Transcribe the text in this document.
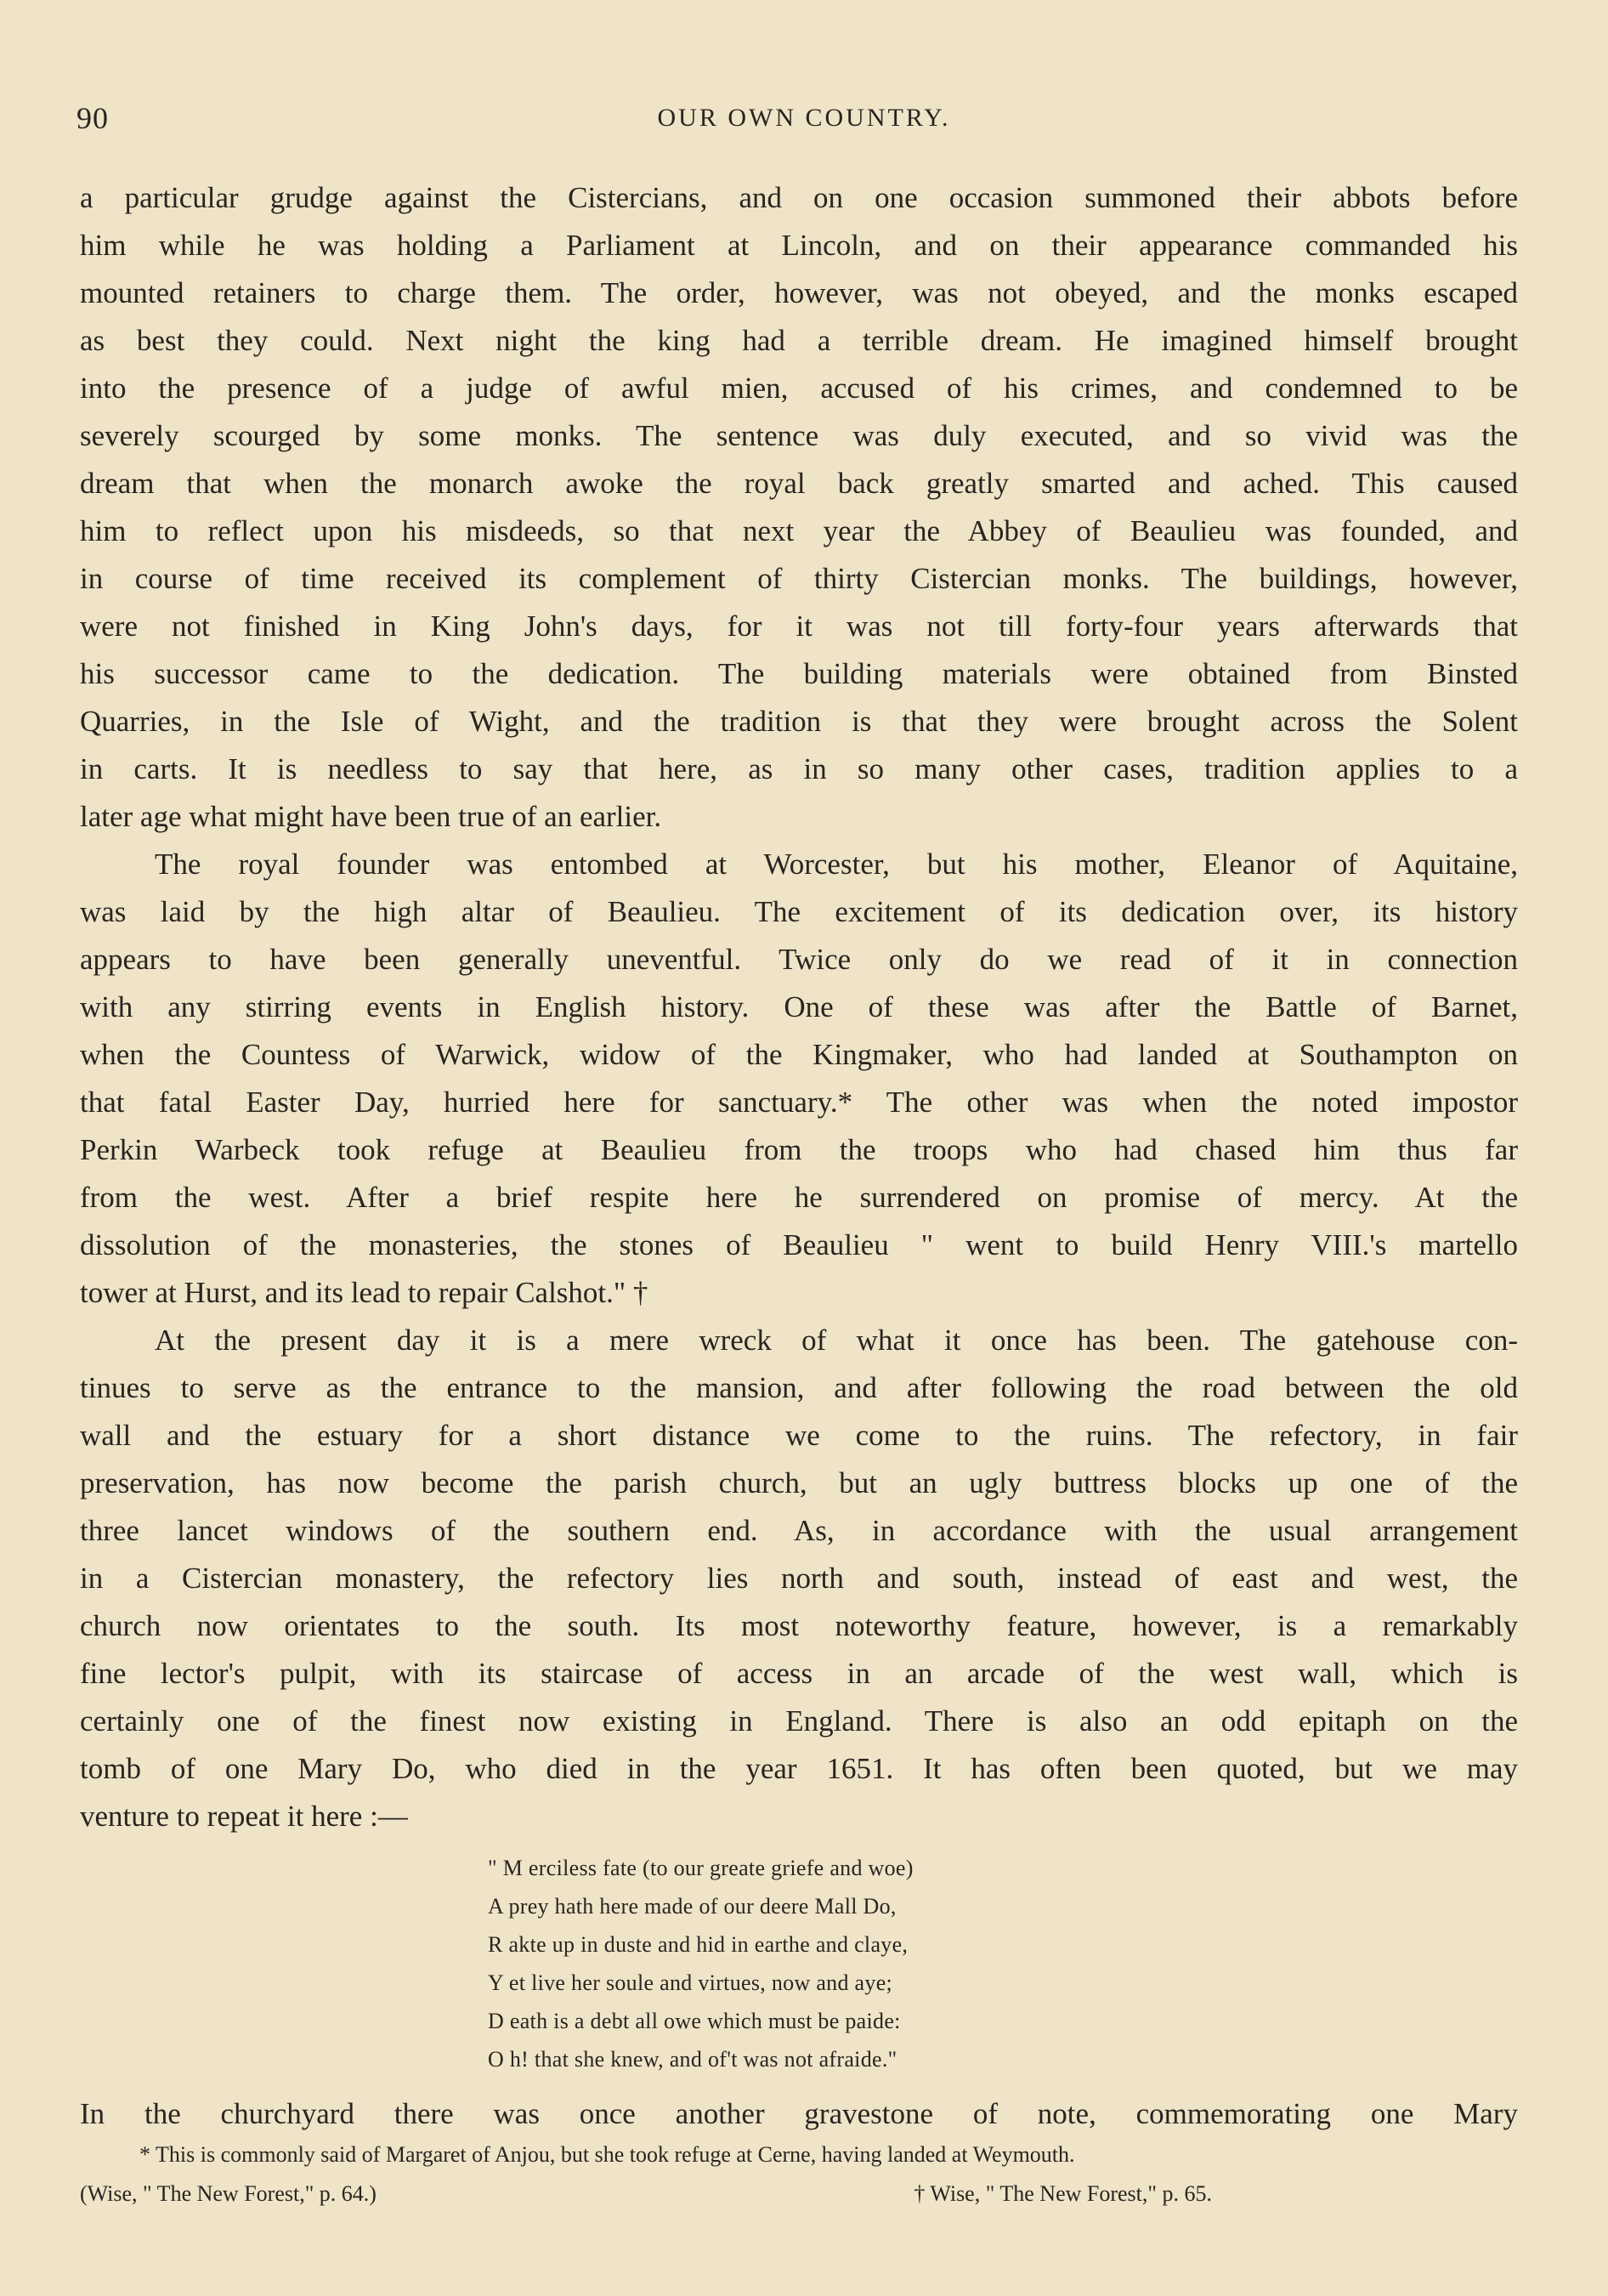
90	OUR OWN COUNTRY.
a particular grudge against the Cistercians, and on one occasion summoned their abbots before
him while he was holding a Parliament at Lincoln, and on their appearance commanded his
mounted retainers to charge them. The order, however, was not obeyed, and the monks escaped
as best they could. Next night the king had a terrible dream. He imagined himself brought
into the presence of a judge of awful mien, accused of his crimes, and condemned to be
severely scourged by some monks. The sentence was duly executed, and so vivid was the
dream that when the monarch awoke the royal back greatly smarted and ached. This caused
him to reflect upon his misdeeds, so that next year the Abbey of Beaulieu was founded, and
in course of time received its complement of thirty Cistercian monks. The buildings, however,
were not finished in King John's days, for it was not till forty-four years afterwards that
his successor came to the dedication. The building materials were obtained from Binsted
Quarries, in the Isle of Wight, and the tradition is that they were brought across the Solent
in carts. It is needless to say that here, as in so many other cases, tradition applies to a
later age what might have been true of an earlier.
The royal founder was entombed at Worcester, but his mother, Eleanor of Aquitaine,
was laid by the high altar of Beaulieu. The excitement of its dedication over, its history
appears to have been generally uneventful. Twice only do we read of it in connection
with any stirring events in English history. One of these was after the Battle of Barnet,
when the Countess of Warwick, widow of the Kingmaker, who had landed at Southampton on
that fatal Easter Day, hurried here for sanctuary.* The other was when the noted impostor
Perkin Warbeck took refuge at Beaulieu from the troops who had chased him thus far
from the west. After a brief respite here he surrendered on promise of mercy. At the
dissolution of the monasteries, the stones of Beaulieu " went to build Henry VIII.'s martello
tower at Hurst, and its lead to repair Calshot." †
At the present day it is a mere wreck of what it once has been. The gatehouse con-
tinues to serve as the entrance to the mansion, and after following the road between the old
wall and the estuary for a short distance we come to the ruins. The refectory, in fair
preservation, has now become the parish church, but an ugly buttress blocks up one of the
three lancet windows of the southern end. As, in accordance with the usual arrangement
in a Cistercian monastery, the refectory lies north and south, instead of east and west, the
church now orientates to the south. Its most noteworthy feature, however, is a remarkably
fine lector's pulpit, with its staircase of access in an arcade of the west wall, which is
certainly one of the finest now existing in England. There is also an odd epitaph on the
tomb of one Mary Do, who died in the year 1651. It has often been quoted, but we may
venture to repeat it here :—
" M erciless fate (to our greate griefe and woe)
A prey hath here made of our deere Mall Do,
R akte up in duste and hid in earthe and claye,
Y et live her soule and virtues, now and aye;
D eath is a debt all owe which must be paide:
O h! that she knew, and of't was not afraide."
In the churchyard there was once another gravestone of note, commemorating one Mary
* This is commonly said of Margaret of Anjou, but she took refuge at Cerne, having landed at Weymouth.
(Wise, " The New Forest," p. 64.)	† Wise, " The New Forest," p. 65.
